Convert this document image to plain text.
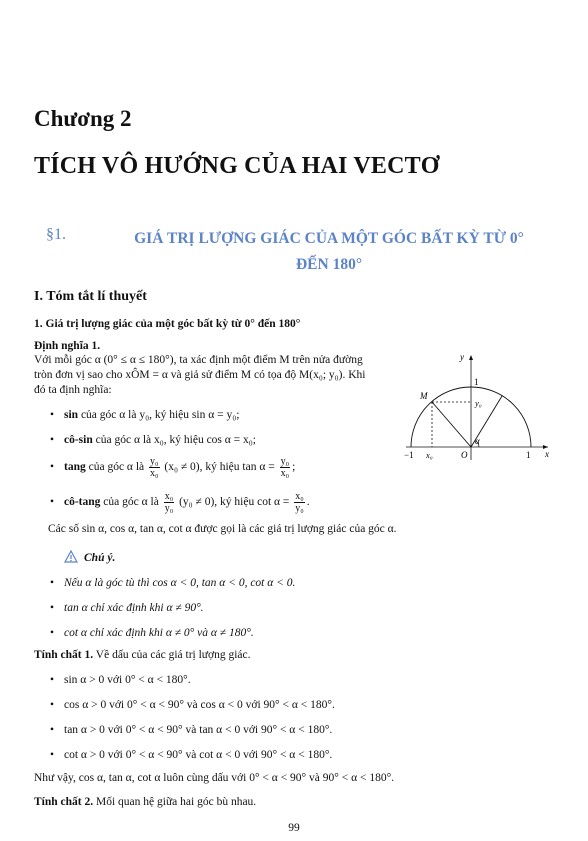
Chương 2
TÍCH VÔ HƯỚNG CỦA HAI VECTƠ
§1.	GIÁ TRỊ LƯỢNG GIÁC CỦA MỘT GÓC BẤT KỲ TỪ 0°
ĐẾN 180°
I. Tóm tắt lí thuyết
1. Giá trị lượng giác của một góc bất kỳ từ 0° đến 180°
Định nghĩa 1.
Với mỗi góc α (0° ≤ α ≤ 180°), ta xác định một điểm M trên nửa đường
tròn đơn vị sao cho xÔM = α và giả sử điểm M có tọa độ M(x₀; y₀). Khi
đó ta định nghĩa:
• sin của góc α là y₀, ký hiệu sin α = y₀;
• cô-sin của góc α là x₀, ký hiệu cos α = x₀;
• tang của góc α là $\frac{\text{y₀}}{\text{x₀}} (x_0 \ne 0)$, ký hiệu $\tan \alpha = \frac{\text{y₀}}{\text{x₀}}$ ;
• cô-tang của góc α là $\frac{\text{x₀}}{\text{y₀}} (y_0 \ne 0)$, ký hiệu $\cot \alpha = \frac{\text{x₀}}{\text{y₀}}$ .
Các số sin α, cos α, tan α, cot α được gọi là các giá trị lượng giác của góc α.
Chú ý.
• Nếu α là góc tù thì cos α < 0, tan α < 0, cot α < 0.
• tan α chỉ xác định khi α ≠ 90°.
• cot α chỉ xác định khi α ≠ 0° và α ≠ 180°.
Tính chất 1. Về dấu của các giá trị lượng giác.
• sin α > 0 với 0° < α < 180°.
• cos α > 0 với 0° < α < 90° và cos α < 0 với 90° < α < 180°.
• tan α > 0 với 0° < α < 90° và tan α < 0 với 90° < α < 180°.
• cot α > 0 với 0° < α < 90° và cot α < 0 với 90° < α < 180°.
Như vậy, cos α, tan α, cot α luôn cùng dấu với 0° < α < 90° và 90° < α < 180°.
Tính chất 2. Mối quan hệ giữa hai góc bù nhau.
99
y
x
1
M
y₀
α
−1 x₀	O	1
